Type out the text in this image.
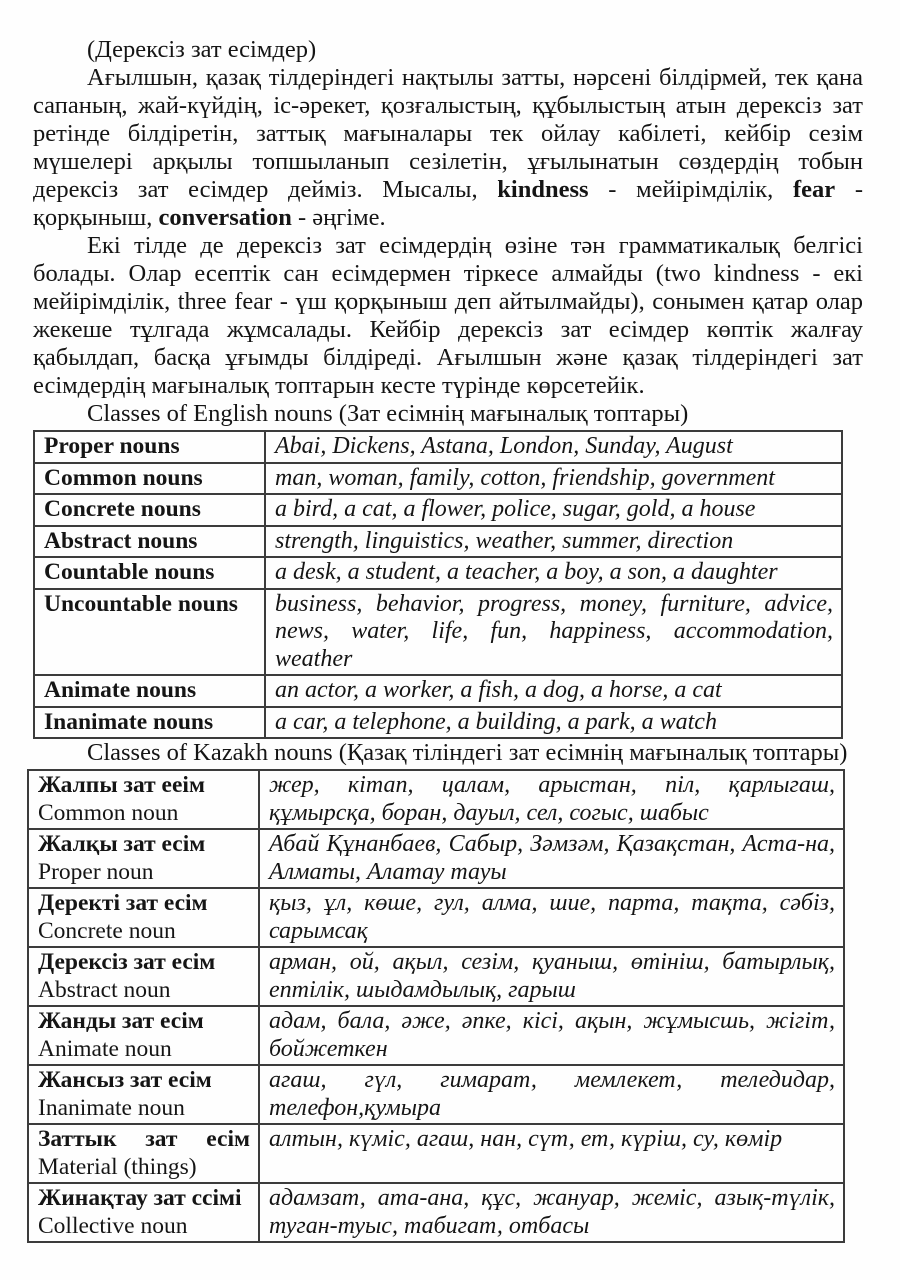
(Дерексіз зат есімдер)

Ағылшын, қазақ тілдеріндегі нақтылы затты, нәрсені білдірмей, тек қана сапаның, жай-күйдің, іс-әрекет, қозғалыстың, құбылыстың атын дерексіз зат ретінде білдіретін, заттық мағыналары тек ойлау кабілеті, кейбір сезім мүшелері арқылы топшыланып сезілетін, ұғылынатын сөздердің тобын дерексіз зат есімдер дейміз. Мысалы, kindness - мейірімділік, fear - қорқыныш, conversation - әңгіме.

Екі тілде де дерексіз зат есімдердің өзіне тән грамматикалық белгісі болады. Олар есептік сан есімдермен тіркесе алмайды (two kindness - екі мейірімділік, three fear - үш қорқыныш деп айтылмайды), сонымен қатар олар жекеше тұлгада жұмсалады. Кейбір дерексіз зат есімдер көптік жалғау қабылдап, басқа ұғымды білдіреді. Ағылшын және қазақ тілдеріндегі зат есімдердің мағыналық топтарын кесте түрінде көрсетейік.

Classes of English nouns (Зат есімнің мағыналық топтары)

Proper nouns	Abai, Dickens, Astana, London, Sunday, August
Common nouns	man, woman, family, cotton, friendship, government
Concrete nouns	a bird, a cat, a flower, police, sugar, gold, a house
Abstract nouns	strength, linguistics, weather, summer, direction
Countable nouns	a desk, a student, a teacher, a boy, a son, a daughter
Uncountable nouns	business, behavior, progress, money, furniture, advice, news, water, life, fun, happiness, accommodation, weather
Animate nouns	an actor, a worker, a fish, a dog, a horse, a cat
Inanimate nouns	a car, a telephone, a building, a park, a watch

Classes of Kazakh nouns (Қазақ тіліндегі зат есімнің мағыналық топтары)

Жалпы зат ееім
Common noun	жер, кітап, цалам, арыстан, піл, қарлыгаш, құмырсқа, боран, дауыл, сел, согыс, шабыс

Жалқы зат есім
Proper noun	Абай Құнанбаев, Сабыр, Зәмзәм, Қазақстан, Аста-на, Алматы, Алатау тауы

Деректі зат есім
Concrete noun	қыз, ұл, көше, гул, алма, шие, парта, тақта, сәбіз, сарымсақ

Дерексіз зат есім
Abstract noun	арман, ой, ақыл, сезім, қуаныш, өтініш, батырлық, ептілік, шыдамдылық, гарыш

Жанды зат есім
Animate noun	адам, бала, әже, әпке, кісі, ақын, жұмысшь, жігіт, бойжеткен

Жансыз зат есім
Inanimate noun	агаш, гүл, гимарат, мемлекет, теледидар, телефон,қумыра

Заттык зат есім
Material (things)	алтын, күміс, агаш, нан, сүт, ет, күріш, су, көмір

Жинақтау зат ссімі
Collective noun	адамзат, ата-ана, құс, жануар, жеміс, азық-түлік, туган-туыс, табигат, отбасы
